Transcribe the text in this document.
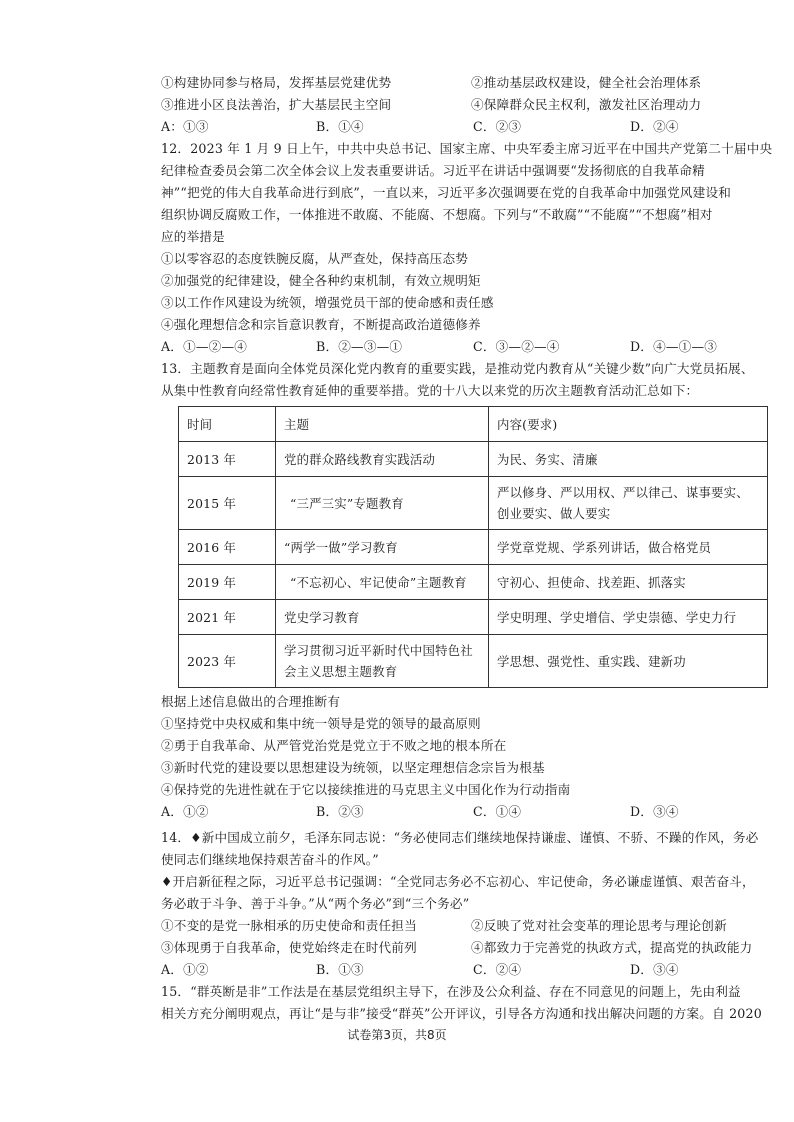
①构建协同参与格局，发挥基层党建优势	②推动基层政权建设，健全社会治理体系
③推进小区良法善治，扩大基层民主空间	④保障群众民主权利，激发社区治理动力
A：①③	B．①④	C．②③	D．②④
12．2023 年 1 月 9 日上午，中共中央总书记、国家主席、中央军委主席习近平在中国共产党第二十届中央
纪律检查委员会第二次全体会议上发表重要讲话。习近平在讲话中强调要“发扬彻底的自我革命精
神”“把党的伟大自我革命进行到底”，一直以来，习近平多次强调要在党的自我革命中加强党风建设和
组织协调反腐败工作，一体推进不敢腐、不能腐、不想腐。下列与“不敢腐”“不能腐”“不想腐”相对
应的举措是
①以零容忍的态度铁腕反腐，从严查处，保持高压态势
②加强党的纪律建设，健全各种约束机制，有效立规明矩
③以工作作风建设为统领，增强党员干部的使命感和责任感
④强化理想信念和宗旨意识教育，不断提高政治道德修养
A．①—②—④	B．②—③—①	C．③—②—④	D．④—①—③
13．主题教育是面向全体党员深化党内教育的重要实践，是推动党内教育从“关键少数”向广大党员拓展、
从集中性教育向经常性教育延伸的重要举措。党的十八大以来党的历次主题教育活动汇总如下：
时间	主题	内容(要求)
2013 年	党的群众路线教育实践活动	为民、务实、清廉
2015 年	“三严三实”专题教育	严以修身、严以用权、严以律己、谋事要实、创业要实、做人要实
2016 年	“两学一做”学习教育	学党章党规、学系列讲话，做合格党员
2019 年	“不忘初心、牢记使命”主题教育	守初心、担使命、找差距、抓落实
2021 年	党史学习教育	学史明理、学史增信、学史崇德、学史力行
2023 年	学习贯彻习近平新时代中国特色社会主义思想主题教育	学思想、强党性、重实践、建新功
根据上述信息做出的合理推断有
①坚持党中央权威和集中统一领导是党的领导的最高原则
②勇于自我革命、从严管党治党是党立于不败之地的根本所在
③新时代党的建设要以思想建设为统领，以坚定理想信念宗旨为根基
④保持党的先进性就在于它以接续推进的马克思主义中国化作为行动指南
A．①②	B．②③	C．①④	D．③④
14．♦新中国成立前夕，毛泽东同志说：“务必使同志们继续地保持谦虚、谨慎、不骄、不躁的作风，务必
使同志们继续地保持艰苦奋斗的作风。”
♦开启新征程之际，习近平总书记强调：“全党同志务必不忘初心、牢记使命，务必谦虚谨慎、艰苦奋斗，
务必敢于斗争、善于斗争。”从“两个务必”到“三个务必”
①不变的是党一脉相承的历史使命和责任担当	②反映了党对社会变革的理论思考与理论创新
③体现勇于自我革命，使党始终走在时代前列	④都致力于完善党的执政方式，提高党的执政能力
A．①②	B．①③	C．②④	D．③④
15．“群英断是非”工作法是在基层党组织主导下，在涉及公众利益、存在不同意见的问题上，先由利益
相关方充分阐明观点，再让“是与非”接受“群英”公开评议，引导各方沟通和找出解决问题的方案。自 2020
试卷第3页，共8页
